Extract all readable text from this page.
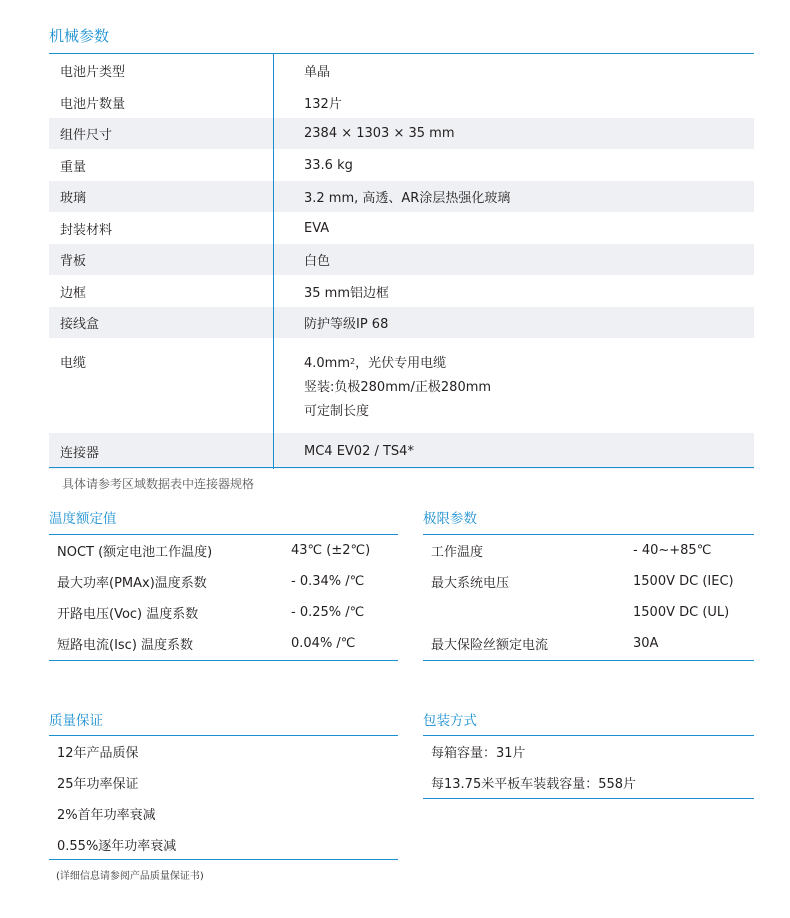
机械参数
电池片类型	单晶
电池片数量	132片
组件尺寸	2384 × 1303 × 35 mm
重量	33.6 kg
玻璃	3.2 mm, 高透、AR涂层热强化玻璃
封装材料	EVA
背板	白色
边框	35 mm铝边框
接线盒	防护等级IP 68
电缆	$4.0mm^2$，光伏专用电缆
竖装:负极280mm/正极280mm
可定制长度
连接器	MC4 EV02 / TS4*
具体请参考区域数据表中连接器规格
温度额定值
NOCT (额定电池工作温度)	43℃ (±2℃)
最大功率(PMAx)温度系数	- 0.34% /℃
开路电压(Voc) 温度系数	- 0.25% /℃
短路电流(Isc) 温度系数	0.04% /℃
极限参数
工作温度	- 40~+85℃
最大系统电压	1500V DC (IEC)
1500V DC (UL)
最大保险丝额定电流	30A
质量保证
12年产品质保
25年功率保证
2%首年功率衰减
0.55%逐年功率衰减
(详细信息请参阅产品质量保证书)
包装方式
每箱容量：31片
每13.75米平板车装载容量：558片
